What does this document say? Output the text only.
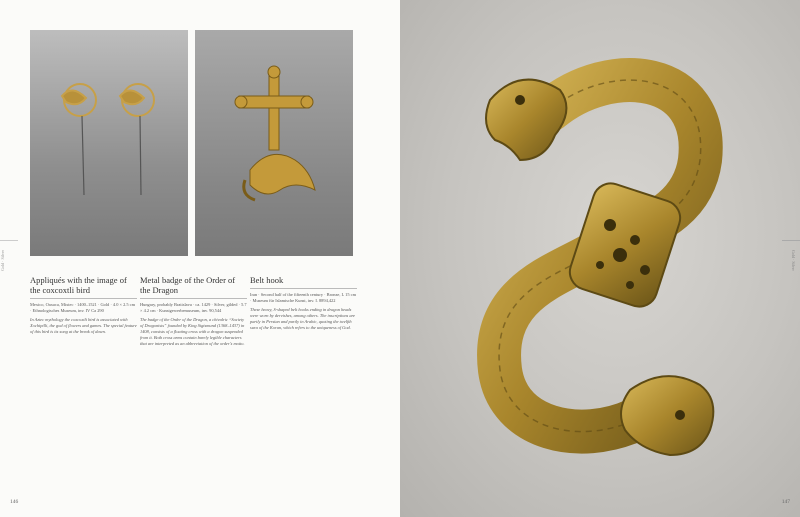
Gold · Silver

Appliqués with the image of the coxcoxtli bird

Mexico, Oaxaca, Mixtec · 1400–1521 · Gold · 4.0 × 2.5 cm · Ethnologisches Museum, inv. IV Ca 290

In Aztec mythology the coxcoxtli bird is associated with Xochipilli, the god of flowers and games. The special feature of this bird is its song at the break of dawn.

Metal badge of the Order of the Dragon

Hungary, probably Bratislava · ca. 1429 · Silver, gilded · 5.7 × 4.2 cm · Kunstgewerbemuseum, inv. 90,544

The badge of the Order of the Dragon, a chivalric “Society of Dragonists” founded by King Sigismund (1368–1437) in 1408, consists of a floating cross with a dragon suspended from it. Both cross arms contain barely legible characters that are interpreted as an abbreviation of the order’s motto.

Belt hook

Iran · Second half of the fifteenth century · Bronze, L 15 cm · Museum für Islamische Kunst, inv. I. 8894,422

These heavy, S-shaped belt hooks ending in dragon heads were worn by dervishes, among others. The inscriptions are partly in Persian and partly in Arabic, quoting the twelfth sura of the Koran, which refers to the uniqueness of God.

146
Gold · Silver
147
